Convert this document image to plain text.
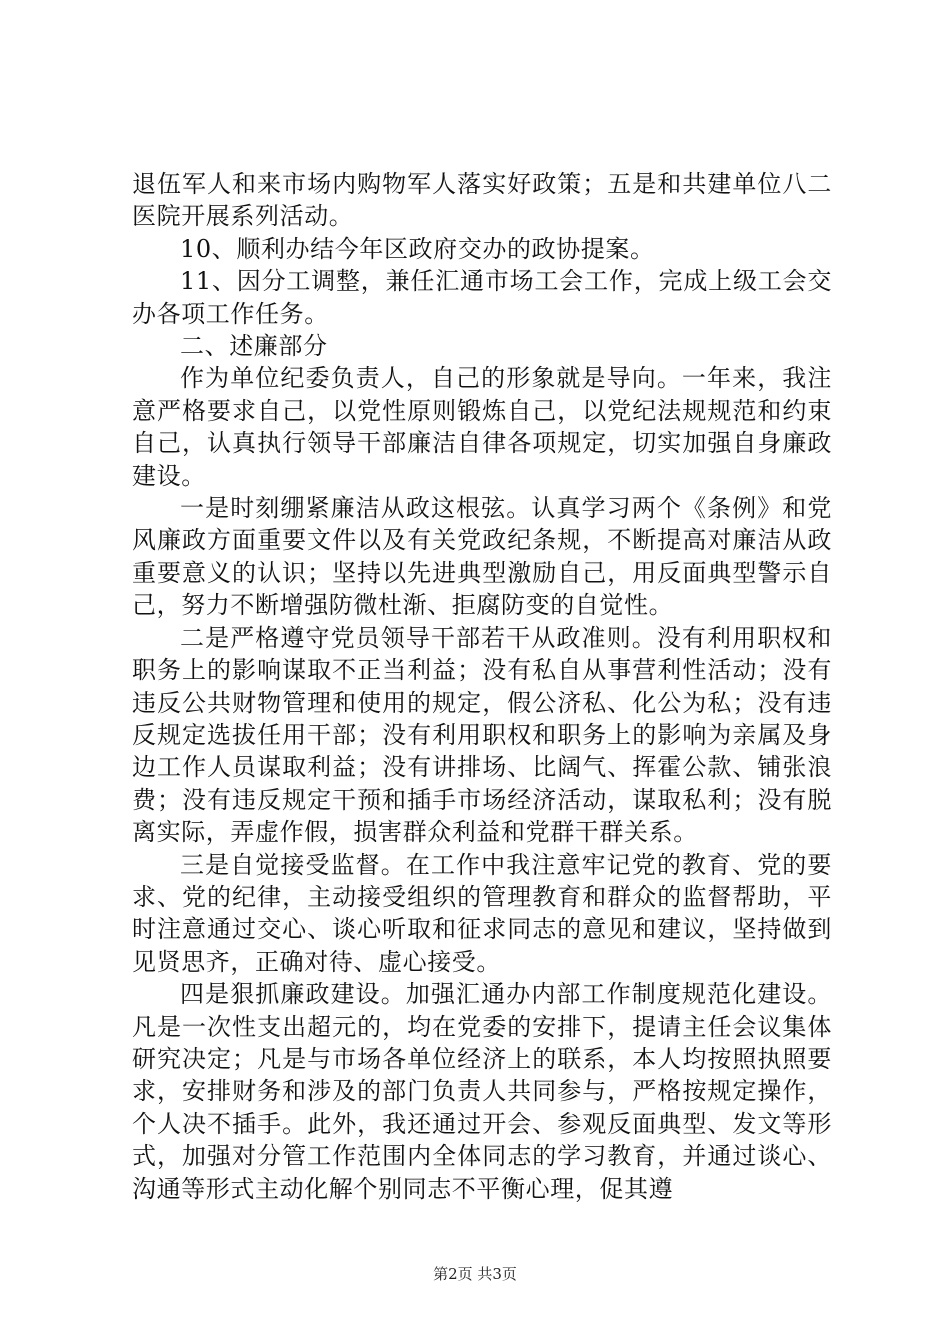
退伍军人和来市场内购物军人落实好政策；五是和共建单位八二医院开展系列活动。

10、顺利办结今年区政府交办的政协提案。

11、因分工调整，兼任汇通市场工会工作，完成上级工会交办各项工作任务。

二、述廉部分

作为单位纪委负责人，自己的形象就是导向。一年来，我注意严格要求自己，以党性原则锻炼自己，以党纪法规规范和约束自己，认真执行领导干部廉洁自律各项规定，切实加强自身廉政建设。

一是时刻绷紧廉洁从政这根弦。认真学习两个《条例》和党风廉政方面重要文件以及有关党政纪条规，不断提高对廉洁从政重要意义的认识；坚持以先进典型激励自己，用反面典型警示自己，努力不断增强防微杜渐、拒腐防变的自觉性。

二是严格遵守党员领导干部若干从政准则。没有利用职权和职务上的影响谋取不正当利益；没有私自从事营利性活动；没有违反公共财物管理和使用的规定，假公济私、化公为私；没有违反规定选拔任用干部；没有利用职权和职务上的影响为亲属及身边工作人员谋取利益；没有讲排场、比阔气、挥霍公款、铺张浪费；没有违反规定干预和插手市场经济活动，谋取私利；没有脱离实际，弄虚作假，损害群众利益和党群干群关系。

三是自觉接受监督。在工作中我注意牢记党的教育、党的要求、党的纪律，主动接受组织的管理教育和群众的监督帮助，平时注意通过交心、谈心听取和征求同志的意见和建议，坚持做到见贤思齐，正确对待、虚心接受。

四是狠抓廉政建设。加强汇通办内部工作制度规范化建设。凡是一次性支出超元的，均在党委的安排下，提请主任会议集体研究决定；凡是与市场各单位经济上的联系，本人均按照执照要求，安排财务和涉及的部门负责人共同参与，严格按规定操作，个人决不插手。此外，我还通过开会、参观反面典型、发文等形式，加强对分管工作范围内全体同志的学习教育，并通过谈心、沟通等形式主动化解个别同志不平衡心理，促其遵

第2页 共3页
